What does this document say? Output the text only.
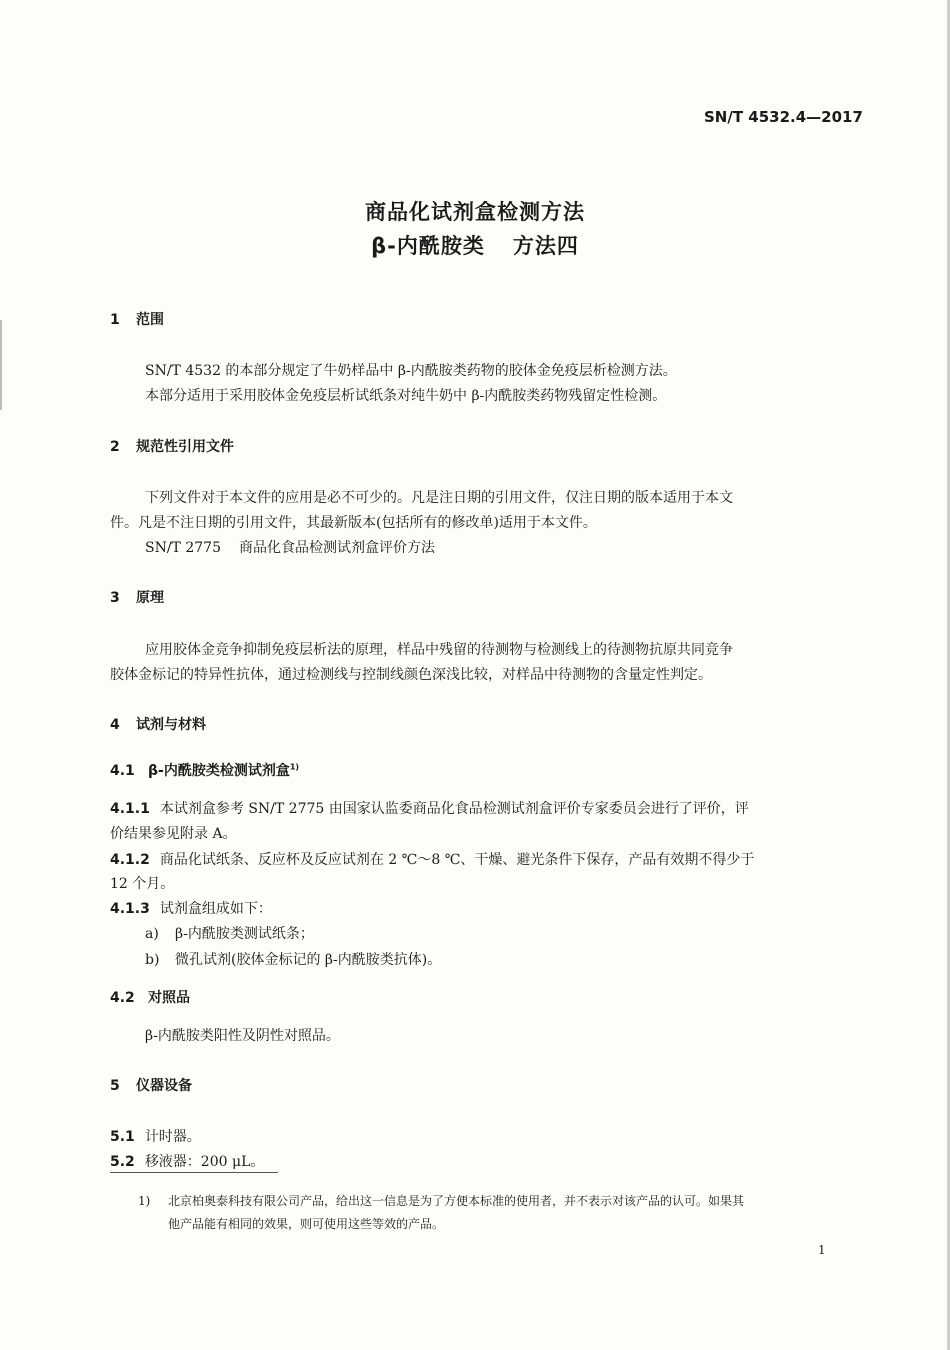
SN/T 4532.4—2017
商品化试剂盒检测方法
β-内酰胺类 方法四
1 范围
SN/T 4532 的本部分规定了牛奶样品中 β-内酰胺类药物的胶体金免疫层析检测方法。
本部分适用于采用胶体金免疫层析试纸条对纯牛奶中 β-内酰胺类药物残留定性检测。
2 规范性引用文件
下列文件对于本文件的应用是必不可少的。凡是注日期的引用文件，仅注日期的版本适用于本文
件。凡是不注日期的引用文件，其最新版本(包括所有的修改单)适用于本文件。
SN/T 2775 商品化食品检测试剂盒评价方法
3 原理
应用胶体金竞争抑制免疫层析法的原理，样品中残留的待测物与检测线上的待测物抗原共同竞争
胶体金标记的特异性抗体，通过检测线与控制线颜色深浅比较，对样品中待测物的含量定性判定。
4 试剂与材料
4.1 β-内酰胺类检测试剂盒$^{1)}$
4.1.1 本试剂盒参考 SN/T 2775 由国家认监委商品化食品检测试剂盒评价专家委员会进行了评价，评
价结果参见附录 A。
4.1.2 商品化试纸条、反应杯及反应试剂在 2 ℃～8 ℃、干燥、避光条件下保存，产品有效期不得少于
12 个月。
4.1.3 试剂盒组成如下：
a) β-内酰胺类测试纸条；
b) 微孔试剂(胶体金标记的 β-内酰胺类抗体)。
4.2 对照品
β-内酰胺类阳性及阴性对照品。
5 仪器设备
5.1 计时器。
5.2 移液器：200 μL。
1) 北京柏奥泰科技有限公司产品，给出这一信息是为了方便本标准的使用者，并不表示对该产品的认可。如果其
他产品能有相同的效果，则可使用这些等效的产品。
1
